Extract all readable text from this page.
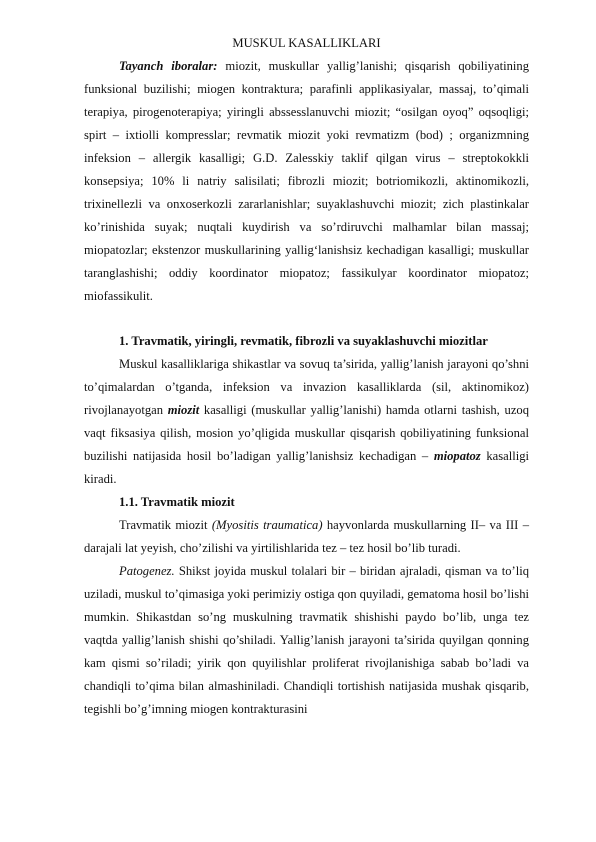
MUSKUL KASALLIKLARI

Tayanch iboralar: miozit, muskullar yallig’lanishi; qisqarish qobiliyatining funksional buzilishi; miogen kontraktura; parafinli applikasiyalar, massaj, to’qimali terapiya, pirogenoterapiya; yiringli abssesslanuvchi miozit; “osilgan oyoq” oqsoqligi; spirt – ixtiolli kompresslar; revmatik miozit yoki revmatizm (bod) ; organizmning infeksion – allergik kasalligi; G.D. Zalesskiy taklif qilgan virus – streptokokkli konsepsiya; 10% li natriy salisilati; fibrozli miozit; botriomikozli, aktinomikozli, trixinellezli va onxoserkozli zararlanishlar; suyaklashuvchi miozit; zich plastinkalar ko’rinishida suyak; nuqtali kuydirish va so’rdiruvchi malhamlar bilan massaj; miopatozlar; ekstenzor muskullarining yallig‘lanishsiz kechadigan kasalligi; muskullar taranglashishi; oddiy koordinator miopatoz; fassikulyar koordinator miopatoz; miofassikulit.

1. Travmatik, yiringli, revmatik, fibrozli va suyaklashuvchi miozitlar

Muskul kasalliklariga shikastlar va sovuq ta’sirida, yallig’lanish jarayoni qo’shni to’qimalardan o’tganda, infeksion va invazion kasalliklarda (sil, aktinomikoz) rivojlanayotgan miozit kasalligi (muskullar yallig’lanishi) hamda otlarni tashish, uzoq vaqt fiksasiya qilish, mosion yo’qligida muskullar qisqarish qobiliyatining funksional buzilishi natijasida hosil bo’ladigan yallig’lanishsiz kechadigan – miopatoz kasalligi kiradi.

1.1. Travmatik miozit

Travmatik miozit (Myositis traumatica) hayvonlarda muskullarning II– va III – darajali lat yeyish, cho’zilishi va yirtilishlarida tez – tez hosil bo’lib turadi.

Patogenez. Shikst joyida muskul tolalari bir – biridan ajraladi, qisman va to’liq uziladi, muskul to’qimasiga yoki perimiziy ostiga qon quyiladi, gematoma hosil bo’lishi mumkin. Shikastdan so’ng muskulning travmatik shishishi paydo bo’lib, unga tez vaqtda yallig’lanish shishi qo’shiladi. Yallig’lanish jarayoni ta’sirida quyilgan qonning kam qismi so’riladi; yirik qon quyilishlar proliferat rivojlanishiga sabab bo’ladi va chandiqli to’qima bilan almashiniladi. Chandiqli tortishish natijasida mushak qisqarib, tegishli bo’g’imning miogen kontrakturasini
